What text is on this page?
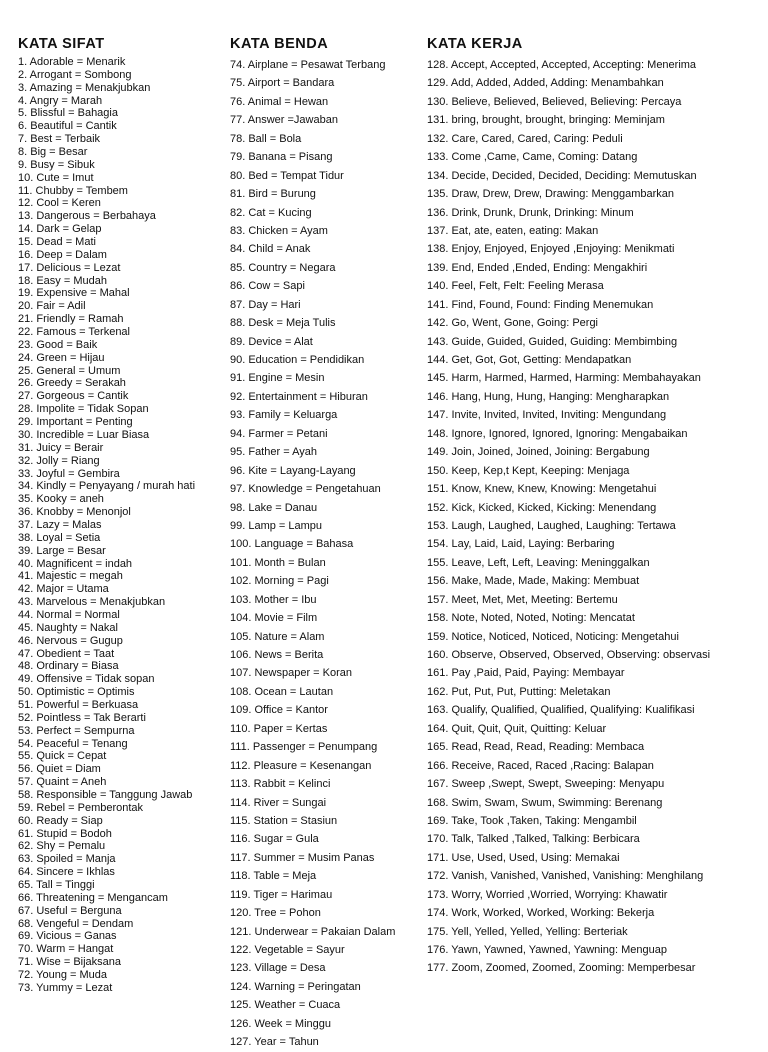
KATA SIFAT
1. Adorable = Menarik
2. Arrogant = Sombong
3. Amazing = Menakjubkan
4. Angry = Marah
5. Blissful = Bahagia
6. Beautiful = Cantik
7. Best = Terbaik
8. Big = Besar
9. Busy = Sibuk
10. Cute = Imut
11. Chubby = Tembem
12. Cool = Keren
13. Dangerous = Berbahaya
14. Dark = Gelap
15. Dead = Mati
16. Deep = Dalam
17. Delicious = Lezat
18. Easy = Mudah
19. Expensive = Mahal
20. Fair = Adil
21. Friendly = Ramah
22. Famous = Terkenal
23. Good = Baik
24. Green = Hijau
25. General = Umum
26. Greedy = Serakah
27. Gorgeous = Cantik
28. Impolite = Tidak Sopan
29. Important = Penting
30. Incredible = Luar Biasa
31. Juicy = Berair
32. Jolly = Riang
33. Joyful = Gembira
34. Kindly = Penyayang / murah hati
35. Kooky = aneh
36. Knobby = Menonjol
37. Lazy = Malas
38. Loyal = Setia
39. Large = Besar
40. Magnificent = indah
41. Majestic = megah
42. Major = Utama
43. Marvelous = Menakjubkan
44. Normal = Normal
45. Naughty = Nakal
46. Nervous = Gugup
47. Obedient = Taat
48. Ordinary = Biasa
49. Offensive = Tidak sopan
50. Optimistic = Optimis
51. Powerful = Berkuasa
52. Pointless = Tak Berarti
53. Perfect = Sempurna
54. Peaceful = Tenang
55. Quick = Cepat
56. Quiet = Diam
57. Quaint = Aneh
58. Responsible = Tanggung Jawab
59. Rebel = Pemberontak
60. Ready = Siap
61. Stupid = Bodoh
62. Shy = Pemalu
63. Spoiled = Manja
64. Sincere = Ikhlas
65. Tall = Tinggi
66. Threatening = Mengancam
67. Useful = Berguna
68. Vengeful = Dendam
69. Vicious = Ganas
70. Warm = Hangat
71. Wise = Bijaksana
72. Young = Muda
73. Yummy = Lezat
KATA BENDA
74. Airplane = Pesawat Terbang
75. Airport = Bandara
76. Animal = Hewan
77. Answer =Jawaban
78. Ball = Bola
79. Banana = Pisang
80. Bed = Tempat Tidur
81. Bird = Burung
82. Cat = Kucing
83. Chicken = Ayam
84. Child = Anak
85. Country = Negara
86. Cow = Sapi
87. Day = Hari
88. Desk = Meja Tulis
89. Device = Alat
90. Education = Pendidikan
91. Engine = Mesin
92. Entertainment = Hiburan
93. Family = Keluarga
94. Farmer = Petani
95. Father = Ayah
96. Kite = Layang-Layang
97. Knowledge = Pengetahuan
98. Lake = Danau
99. Lamp = Lampu
100. Language = Bahasa
101. Month = Bulan
102. Morning = Pagi
103. Mother = Ibu
104. Movie = Film
105. Nature = Alam
106. News = Berita
107. Newspaper = Koran
108. Ocean = Lautan
109. Office = Kantor
110. Paper = Kertas
111. Passenger = Penumpang
112. Pleasure = Kesenangan
113. Rabbit = Kelinci
114. River = Sungai
115. Station = Stasiun
116. Sugar = Gula
117. Summer = Musim Panas
118. Table = Meja
119. Tiger = Harimau
120. Tree = Pohon
121. Underwear = Pakaian Dalam
122. Vegetable = Sayur
123. Village = Desa
124. Warning = Peringatan
125. Weather = Cuaca
126. Week = Minggu
127. Year = Tahun
KATA KERJA
128. Accept, Accepted, Accepted, Accepting: Menerima
129. Add, Added, Added, Adding: Menambahkan
130. Believe, Believed, Believed, Believing: Percaya
131. bring, brought, brought, bringing: Meminjam
132. Care, Cared, Cared, Caring: Peduli
133. Come ,Came, Came, Coming: Datang
134. Decide, Decided, Decided, Deciding: Memutuskan
135. Draw, Drew, Drew, Drawing: Menggambarkan
136. Drink, Drunk, Drunk, Drinking: Minum
137. Eat, ate, eaten, eating: Makan
138. Enjoy, Enjoyed, Enjoyed ,Enjoying: Menikmati
139. End, Ended ,Ended, Ending: Mengakhiri
140. Feel, Felt, Felt: Feeling Merasa
141. Find, Found, Found: Finding Menemukan
142. Go, Went, Gone, Going: Pergi
143. Guide, Guided, Guided, Guiding: Membimbing
144. Get, Got, Got, Getting: Mendapatkan
145. Harm, Harmed, Harmed, Harming: Membahayakan
146. Hang, Hung, Hung, Hanging: Mengharapkan
147. Invite, Invited, Invited, Inviting: Mengundang
148. Ignore, Ignored, Ignored, Ignoring: Mengabaikan
149. Join, Joined, Joined, Joining: Bergabung
150. Keep, Kep,t Kept, Keeping: Menjaga
151. Know, Knew, Knew, Knowing: Mengetahui
152. Kick, Kicked, Kicked, Kicking: Menendang
153. Laugh, Laughed, Laughed, Laughing: Tertawa
154. Lay, Laid, Laid, Laying: Berbaring
155. Leave, Left, Left, Leaving: Meninggalkan
156. Make, Made, Made, Making: Membuat
157. Meet, Met, Met, Meeting: Bertemu
158. Note, Noted, Noted, Noting: Mencatat
159. Notice, Noticed, Noticed, Noticing: Mengetahui
160. Observe, Observed, Observed, Observing: observasi
161. Pay ,Paid, Paid, Paying: Membayar
162. Put, Put, Put, Putting: Meletakan
163. Qualify, Qualified, Qualified, Qualifying: Kualifikasi
164. Quit, Quit, Quit, Quitting: Keluar
165. Read, Read, Read, Reading: Membaca
166. Receive, Raced, Raced ,Racing: Balapan
167. Sweep ,Swept, Swept, Sweeping: Menyapu
168. Swim, Swam, Swum, Swimming: Berenang
169. Take, Took ,Taken, Taking: Mengambil
170. Talk, Talked ,Talked, Talking: Berbicara
171. Use, Used, Used, Using: Memakai
172. Vanish, Vanished, Vanished, Vanishing: Menghilang
173. Worry, Worried ,Worried, Worrying: Khawatir
174. Work, Worked, Worked, Working: Bekerja
175. Yell, Yelled, Yelled, Yelling: Berteriak
176. Yawn, Yawned, Yawned, Yawning: Menguap
177. Zoom, Zoomed, Zoomed, Zooming: Memperbesar
